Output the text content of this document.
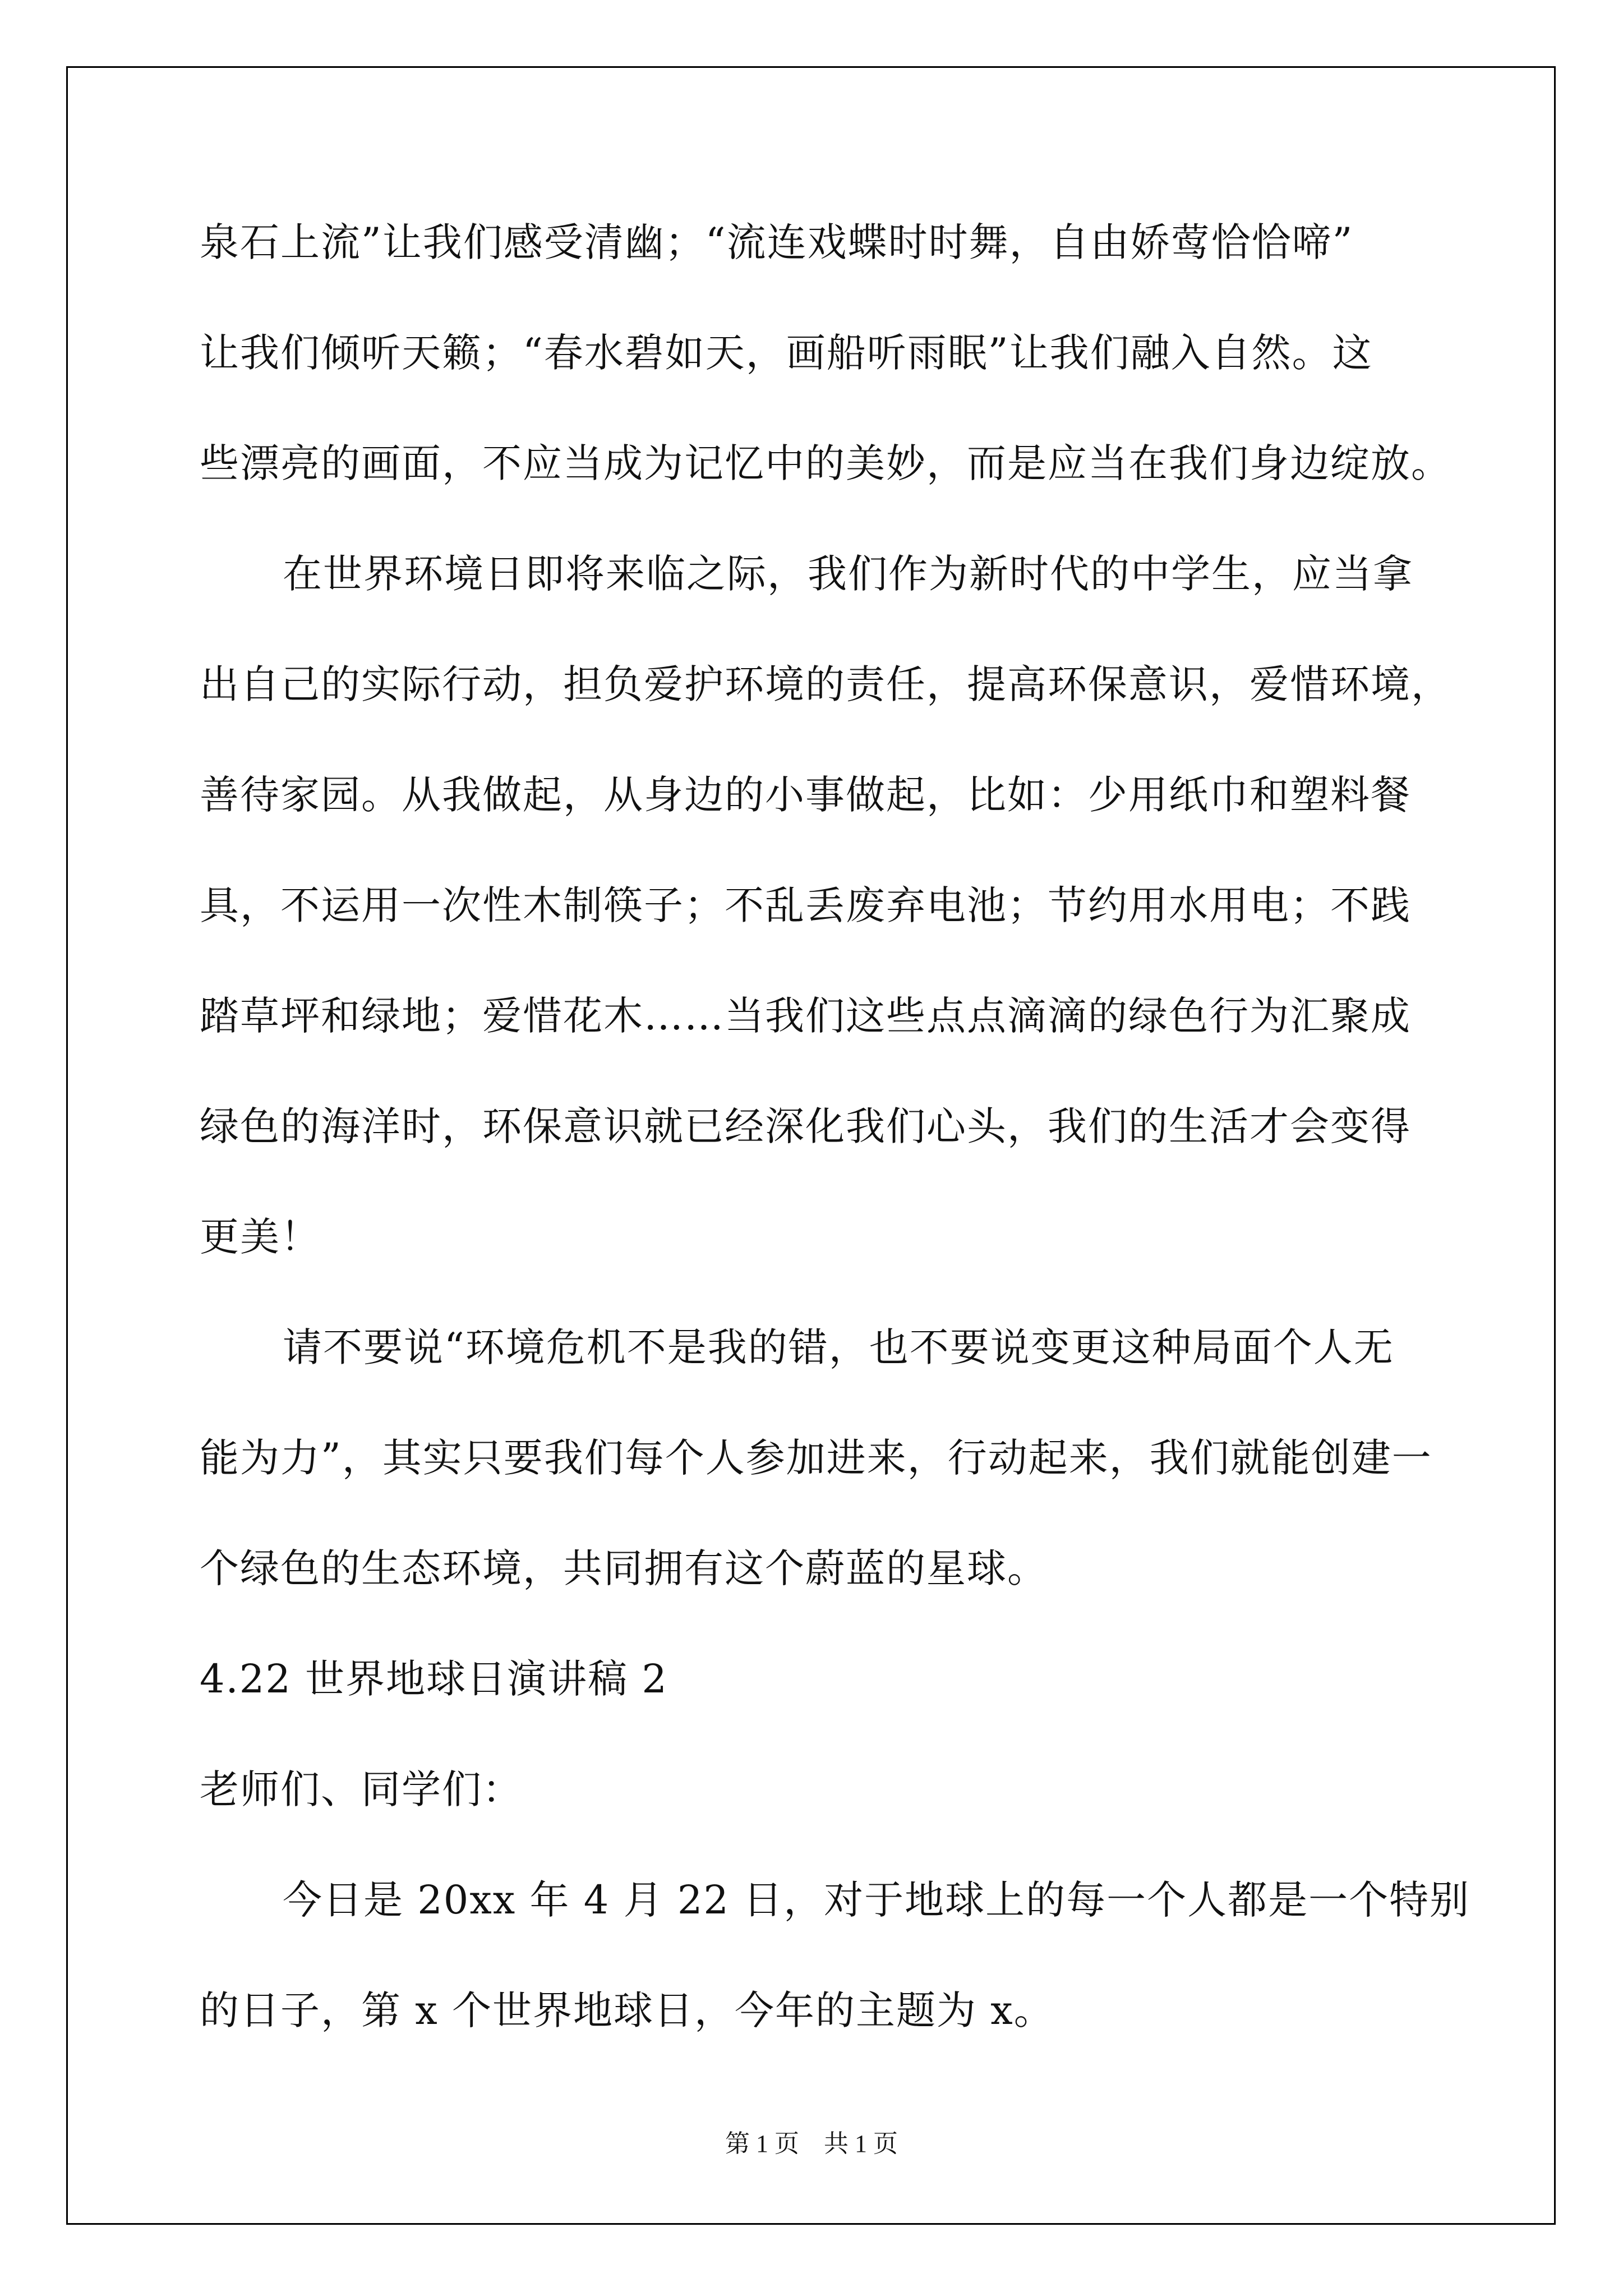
泉石上流”让我们感受清幽；“流连戏蝶时时舞，自由娇莺恰恰啼”
让我们倾听天籁；“春水碧如天，画船听雨眠”让我们融入自然。这
些漂亮的画面，不应当成为记忆中的美妙，而是应当在我们身边绽放。
在世界环境日即将来临之际，我们作为新时代的中学生，应当拿
出自己的实际行动，担负爱护环境的责任，提高环保意识，爱惜环境，
善待家园。从我做起，从身边的小事做起，比如：少用纸巾和塑料餐
具，不运用一次性木制筷子；不乱丢废弃电池；节约用水用电；不践
踏草坪和绿地；爱惜花木……当我们这些点点滴滴的绿色行为汇聚成
绿色的海洋时，环保意识就已经深化我们心头，我们的生活才会变得
更美！
请不要说“环境危机不是我的错，也不要说变更这种局面个人无
能为力”，其实只要我们每个人参加进来，行动起来，我们就能创建一
个绿色的生态环境，共同拥有这个蔚蓝的星球。
4.22 世界地球日演讲稿 2
老师们、同学们：
今日是 20xx 年 4 月 22 日，对于地球上的每一个人都是一个特别
的日子，第 x 个世界地球日，今年的主题为 x。
第 1 页　共 1 页
